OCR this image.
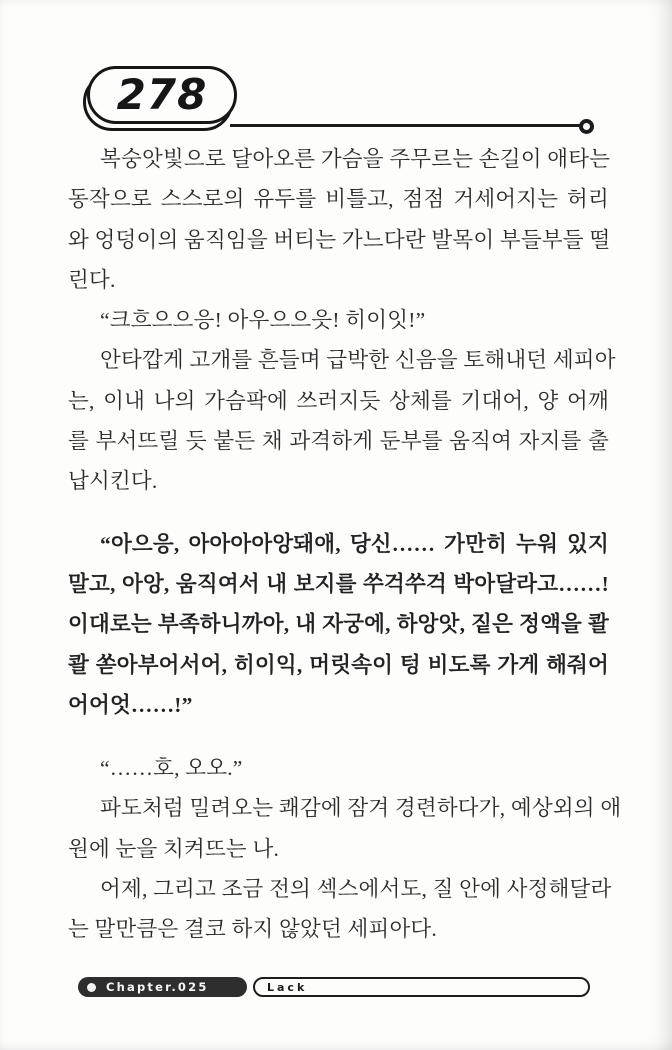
278
복숭앗빛으로 달아오른 가슴을 주무르는 손길이 애타는
동작으로 스스로의 유두를 비틀고, 점점 거세어지는 허리
와 엉덩이의 움직임을 버티는 가느다란 발목이 부들부들 떨
린다.
“크흐으으응! 아우으으읏! 히이잇!”
안타깝게 고개를 흔들며 급박한 신음을 토해내던 세피아
는, 이내 나의 가슴팍에 쓰러지듯 상체를 기대어, 양 어깨
를 부서뜨릴 듯 붙든 채 과격하게 둔부를 움직여 자지를 출
납시킨다.
“아으응, 아아아아앙돼애, 당신…… 가만히 누워 있지
말고, 아앙, 움직여서 내 보지를 쑤걱쑤걱 박아달라고……!
이대로는 부족하니까아, 내 자궁에, 하앙앗, 짙은 정액을 콸
콸 쏟아부어서어, 히이익, 머릿속이 텅 비도록 가게 해줘어
어어엇……!”
“……호, 오오.”
파도처럼 밀려오는 쾌감에 잠겨 경련하다가, 예상외의 애
원에 눈을 치켜뜨는 나.
어제, 그리고 조금 전의 섹스에서도, 질 안에 사정해달라
는 말만큼은 결코 하지 않았던 세피아다.
Chapter.025	Lack
